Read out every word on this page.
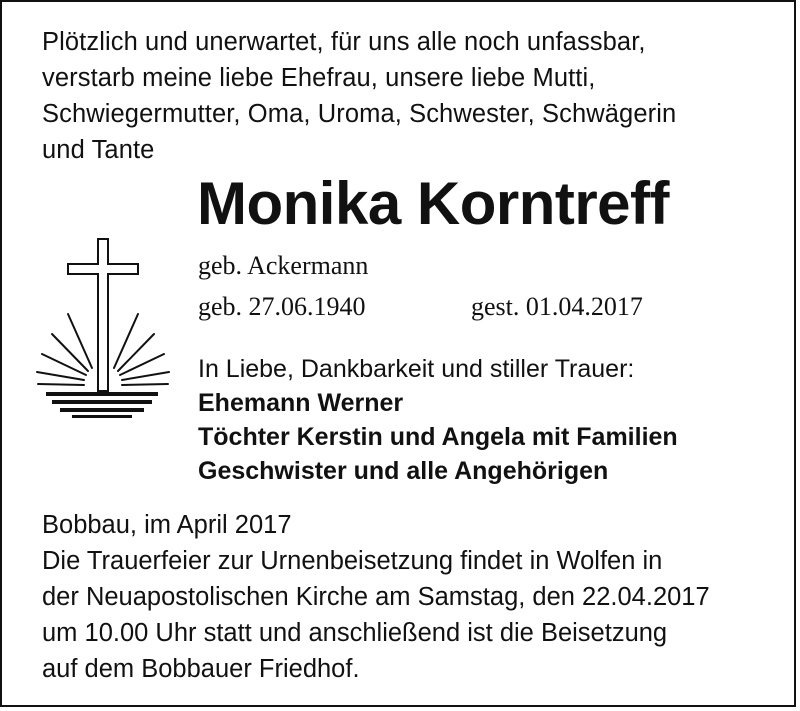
Plötzlich und unerwartet, für uns alle noch unfassbar,
verstarb meine liebe Ehefrau, unsere liebe Mutti,
Schwiegermutter, Oma, Uroma, Schwester, Schwägerin
und Tante
Monika Korntreff
geb. Ackermann
geb. 27.06.1940	gest. 01.04.2017
In Liebe, Dankbarkeit und stiller Trauer:
Ehemann Werner
Töchter Kerstin und Angela mit Familien
Geschwister und alle Angehörigen
Bobbau, im April 2017
Die Trauerfeier zur Urnenbeisetzung findet in Wolfen in
der Neuapostolischen Kirche am Samstag, den 22.04.2017
um 10.00 Uhr statt und anschließend ist die Beisetzung
auf dem Bobbauer Friedhof.
